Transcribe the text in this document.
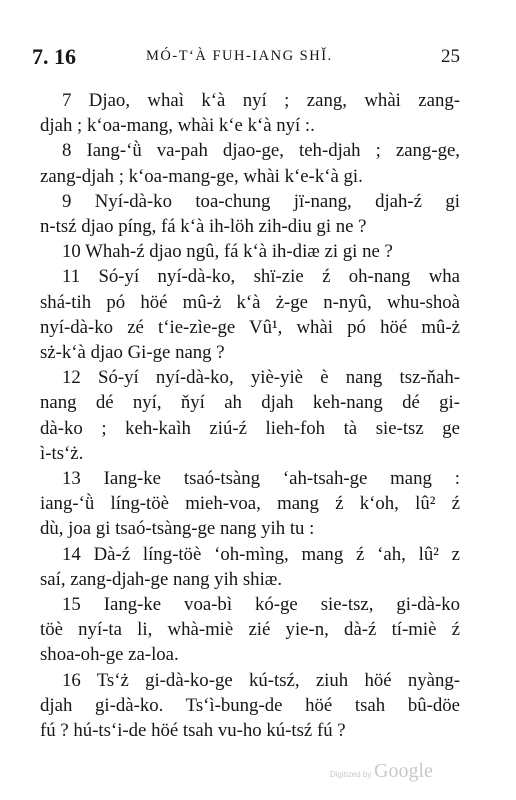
7. 16	MÓ-T‘À FUH-IANG SHǏ.	25
7 Djao, whaì k‘à nyí ; zang, whài zang-
djah ; k‘oa-mang, whài k‘e k‘à nyí :.
8 Iang-‘ǜ va-pah djao-ge, teh-djah ; zang-ge,
zang-djah ; k‘oa-mang-ge, whài k‘e-k‘à gi.
9 Nyí-dà-ko toa-chung jï-nang, djah-ź gi
n-tsź djao píng, fá k‘à ih-löh zih-diu gi ne ?
10 Whah-ź djao ngû, fá k‘à ih-diæ zi gi ne ?
11 Só-yí nyí-dà-ko, shï-zie ź oh-nang wha
shá-tih pó höé mû-ż k‘à ż-ge n-nyû, whu-shoà
nyí-dà-ko zé t‘ie-zìe-ge Vû¹, whài pó höé mû-ż
sż-k‘à djao Gi-ge nang ?
12 Só-yí nyí-dà-ko, yiè-yiè è nang tsz-ňah-
nang dé nyí, ňyí ah djah keh-nang dé gi-
dà-ko ; keh-kaìh ziú-ź lieh-foh tà sie-tsz ge
ì-ts‘ż.
13 Iang-ke tsaó-tsàng ‘ah-tsah-ge mang :
iang-‘ǜ líng-töè mieh-voa, mang ź k‘oh, lû² ź
dù, joa gi tsaó-tsàng-ge nang yih tu :
14 Dà-ź líng-töè ‘oh-mìng, mang ź ‘ah, lû² z
saí, zang-djah-ge nang yih shiæ.
15 Iang-ke voa-bì kó-ge sie-tsz, gi-dà-ko
töè nyí-ta li, whà-miè zié yie-n, dà-ź tí-miè ź
shoa-oh-ge za-loa.
16 Ts‘ż gi-dà-ko-ge kú-tsź, ziuh höé nyàng-
djah gi-dà-ko. Ts‘ì-bung-de höé tsah bû-döe
fú ? hú-ts‘i-de höé tsah vu-ho kú-tsź fú ?
Digitized by Google
